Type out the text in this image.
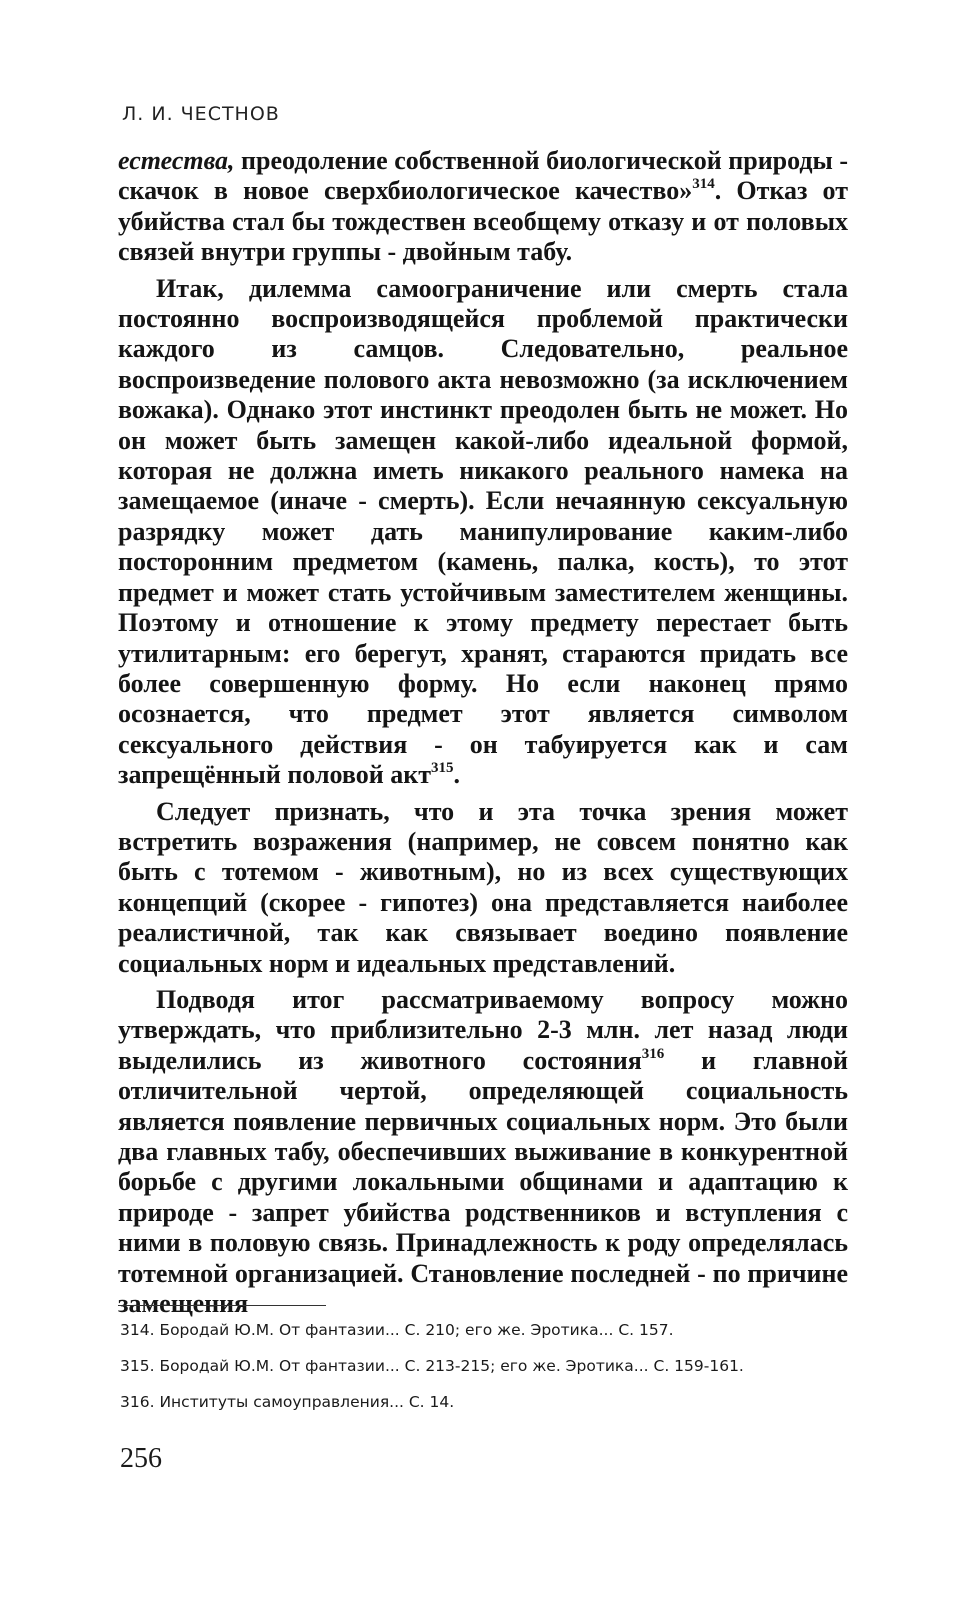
Л. И. ЧЕСТНОВ

естества, преодоление собственной биологической природы - скачок в новое сверхбиологическое качество»$^{314}$. Отказ от убийства стал бы тождествен всеобщему отказу и от половых связей внутри группы - двойным табу.

Итак, дилемма самоограничение или смерть стала постоянно воспроизводящейся проблемой практически каждого из самцов. Следовательно, реальное воспроизведение полового акта невозможно (за исключением вожака). Однако этот инстинкт преодолен быть не может. Но он может быть замещен какой-либо идеальной формой, которая не должна иметь никакого реального намека на замещаемое (иначе - смерть). Если нечаянную сексуальную разрядку может дать манипулирование каким-либо посторонним предметом (камень, палка, кость), то этот предмет и может стать устойчивым заместителем женщины. Поэтому и отношение к этому предмету перестает быть утилитарным: его берегут, хранят, стараются придать все более совершенную форму. Но если наконец прямо осознается, что предмет этот является символом сексуального действия - он табуируется как и сам запрещённый половой акт$^{315}$.

Следует признать, что и эта точка зрения может встретить возражения (например, не совсем понятно как быть с тотемом - животным), но из всех существующих концепций (скорее - гипотез) она представляется наиболее реалистичной, так как связывает воедино появление социальных норм и идеальных представлений.

Подводя итог рассматриваемому вопросу можно утверждать, что приблизительно 2-3 млн. лет назад люди выделились из животного состояния$^{316}$ и главной отличительной чертой, определяющей социальность является появление первичных социальных норм. Это были два главных табу, обеспечивших выживание в конкурентной борьбе с другими локальными общинами и адаптацию к природе - запрет убийства родственников и вступления с ними в половую связь. Принадлежность к роду определялась тотемной организацией. Становление последней - по причине замещения

314. Бородай Ю.М. От фантазии... С. 210; его же. Эротика... С. 157.
315. Бородай Ю.М. От фантазии... С. 213-215; его же. Эротика... С. 159-161.
316. Институты самоуправления... С. 14.
256
